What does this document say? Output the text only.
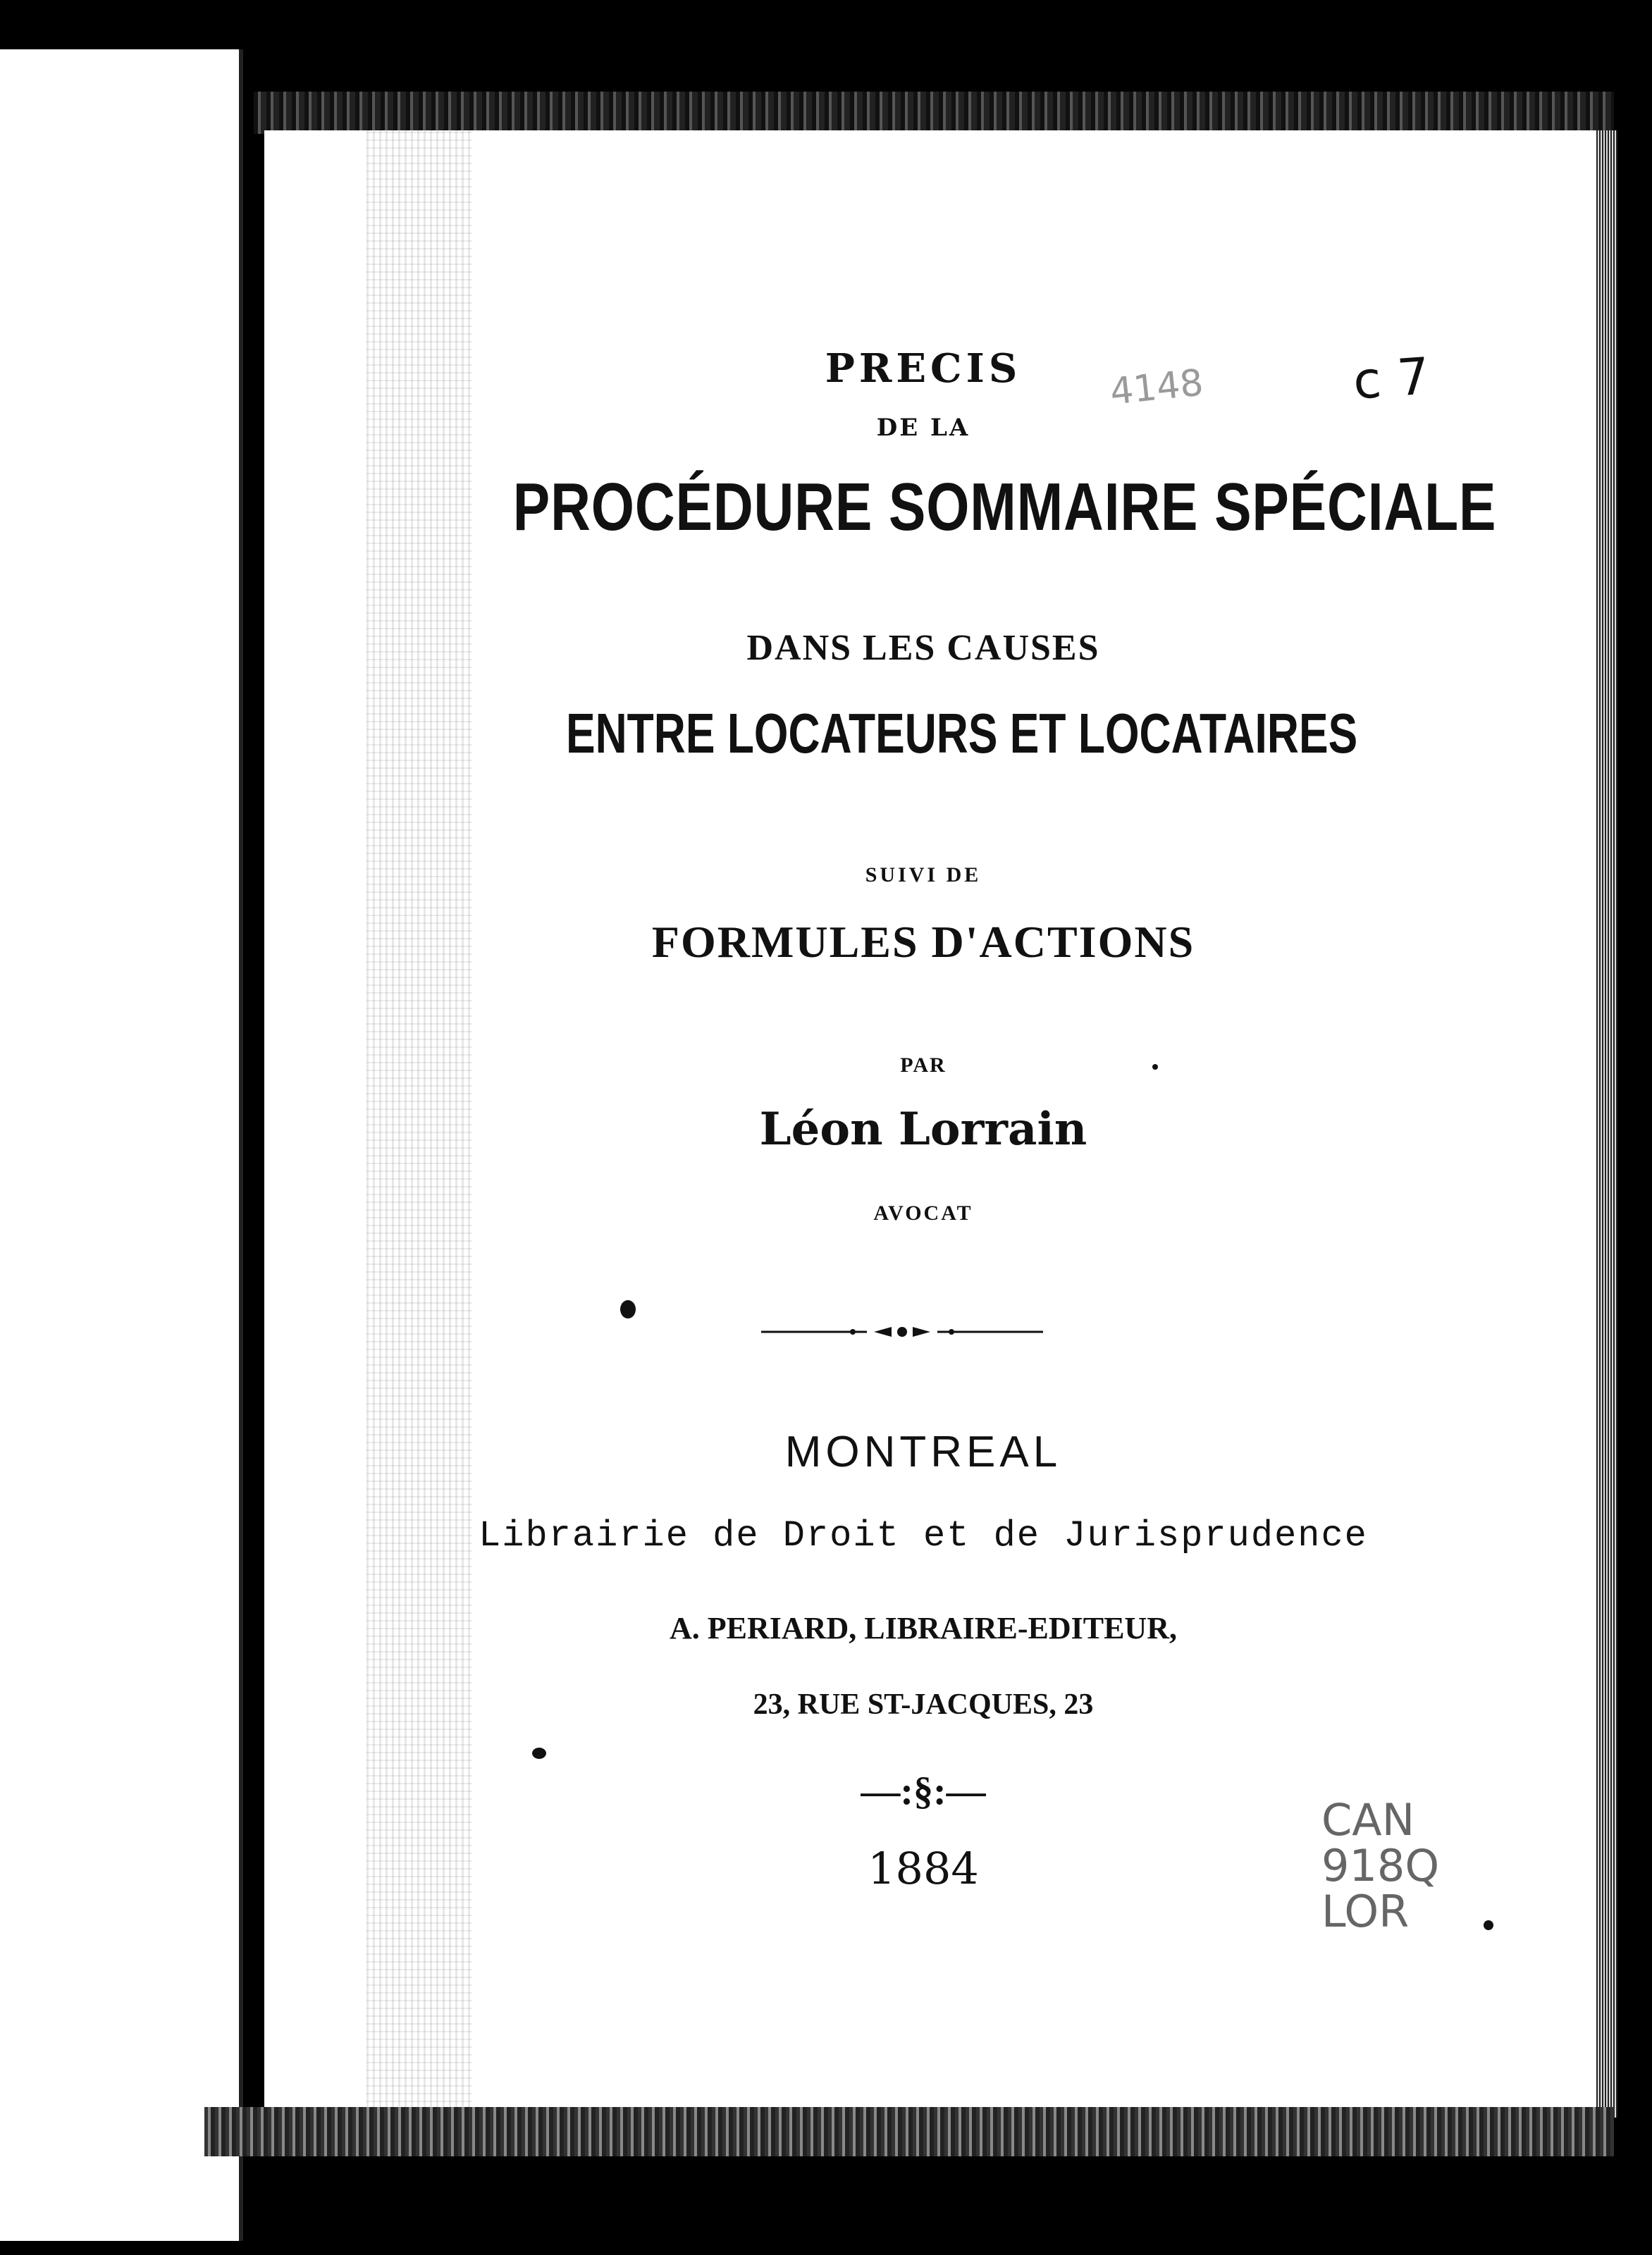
PRECIS
DE LA
PROCÉDURE SOMMAIRE SPÉCIALE
DANS LES CAUSES
ENTRE LOCATEURS ET LOCATAIRES
SUIVI DE
FORMULES D'ACTIONS
PAR
Léon Lorrain
AVOCAT
MONTREAL
Librairie de Droit et de Jurisprudence
A. PERIARD, LIBRAIRE-EDITEUR,
23, RUE ST-JACQUES, 23
—:§:—
1884
4148	c 7
CAN
918Q
LOR
